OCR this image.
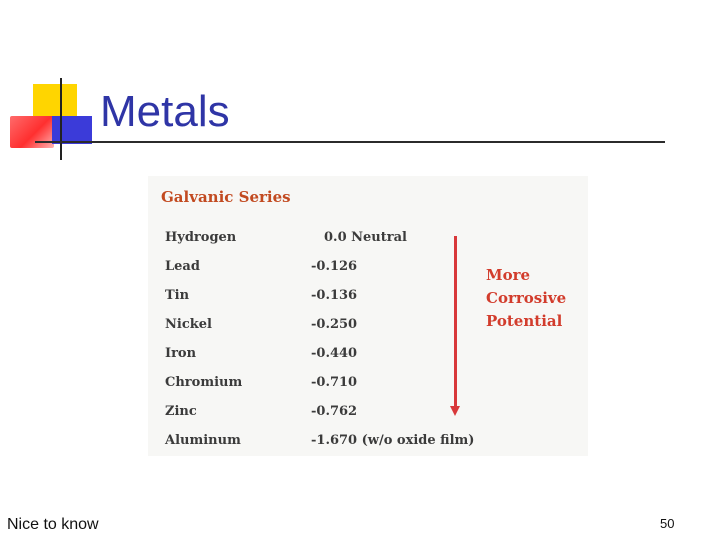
Metals

Galvanic Series

Hydrogen	0.0 Neutral
Lead	-0.126
Tin	-0.136
Nickel	-0.250
Iron	-0.440
Chromium	-0.710
Zinc	-0.762
Aluminum	-1.670 (w/o oxide film)
More
Corrosive
Potential
Nice to know	50
